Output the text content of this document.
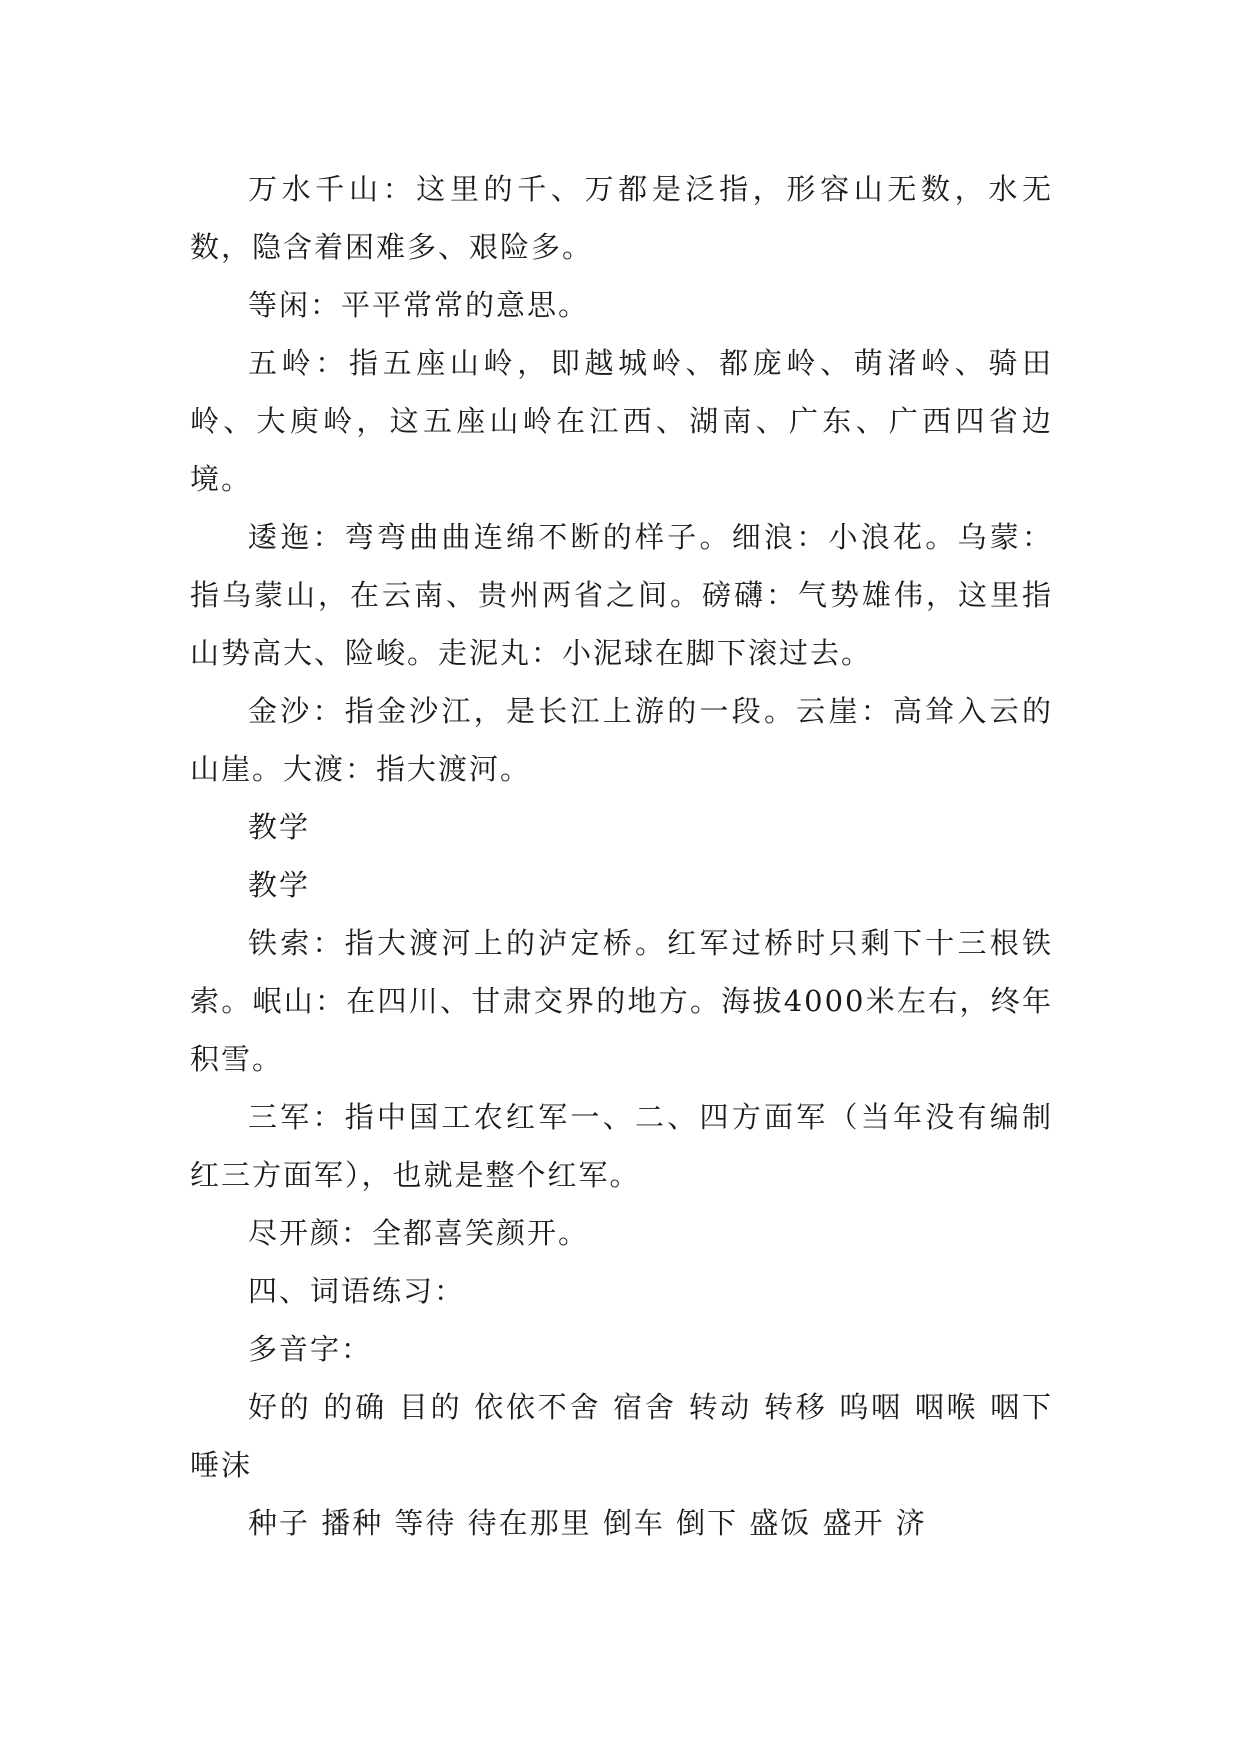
万水千山：这里的千、万都是泛指，形容山无数，水无数，隐含着困难多、艰险多。

等闲：平平常常的意思。

五岭：指五座山岭，即越城岭、都庞岭、萌渚岭、骑田岭、大庾岭，这五座山岭在江西、湖南、广东、广西四省边境。

逶迤：弯弯曲曲连绵不断的样子。细浪：小浪花。乌蒙：指乌蒙山，在云南、贵州两省之间。磅礴：气势雄伟，这里指山势高大、险峻。走泥丸：小泥球在脚下滚过去。

金沙：指金沙江，是长江上游的一段。云崖：高耸入云的山崖。大渡：指大渡河。

教学

教学

铁索：指大渡河上的泸定桥。红军过桥时只剩下十三根铁索。岷山：在四川、甘肃交界的地方。海拔4000米左右，终年积雪。

三军：指中国工农红军一、二、四方面军（当年没有编制红三方面军），也就是整个红军。

尽开颜：全都喜笑颜开。

四、词语练习：

多音字：

好的 的确 目的 依依不舍 宿舍 转动 转移 呜咽 咽喉 咽下唾沫

种子 播种 等待 待在那里 倒车 倒下 盛饭 盛开 济
